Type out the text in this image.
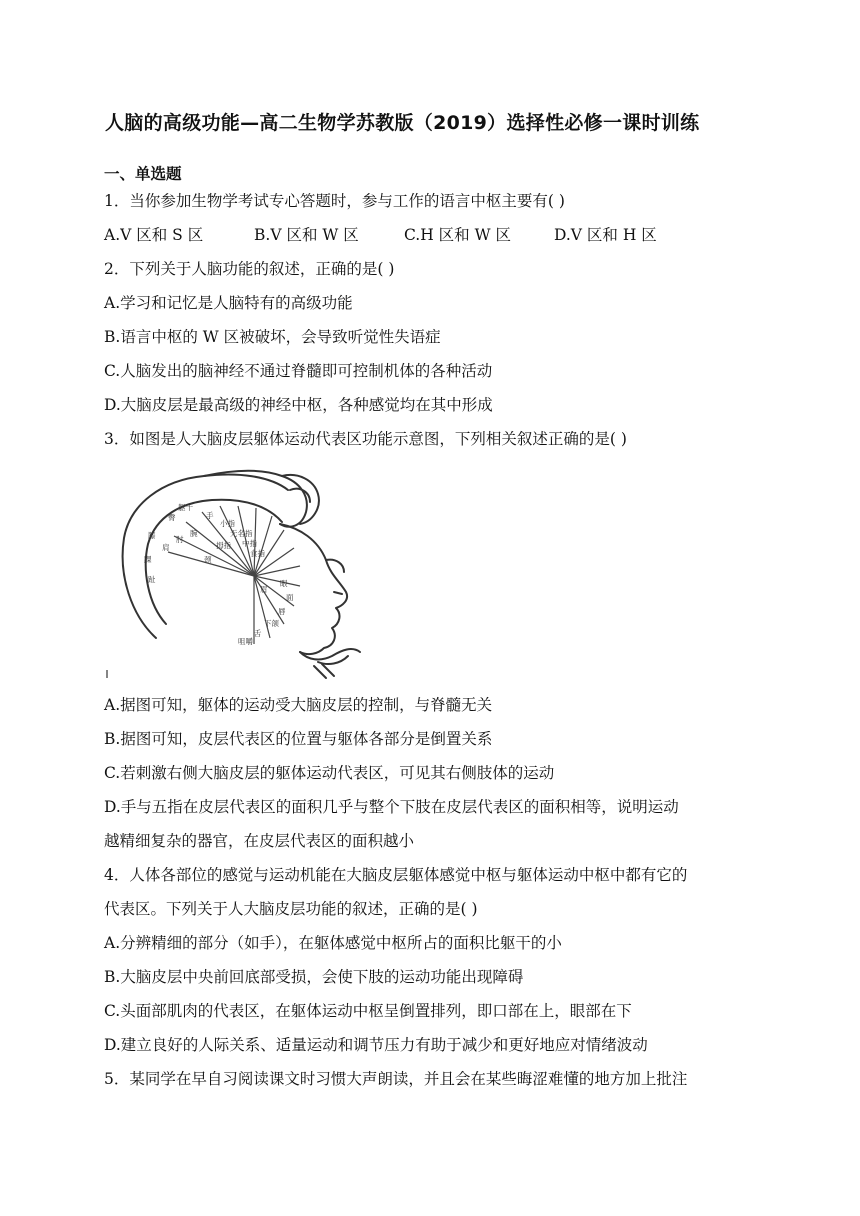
人脑的高级功能—高二生物学苏教版（2019）选择性必修一课时训练
一、单选题
1．当你参加生物学考试专心答题时，参与工作的语言中枢主要有( )
A.V 区和 S 区	B.V 区和 W 区	C.H 区和 W 区	D.V 区和 H 区
2．下列关于人脑功能的叙述，正确的是( )
A.学习和记忆是人脑特有的高级功能
B.语言中枢的 W 区被破坏，会导致听觉性失语症
C.人脑发出的脑神经不通过脊髓即可控制机体的各种活动
D.大脑皮层是最高级的神经中枢，各种感觉均在其中形成
3．如图是人大脑皮层躯体运动代表区功能示意图，下列相关叙述正确的是( )
臀
膝
踝
趾
躯干
肩
肘
腕
手
小指
无名指
中指
食指
拇指
颈
眉
眼
面
唇
下颌
舌
咀嚼
A.据图可知，躯体的运动受大脑皮层的控制，与脊髓无关
B.据图可知，皮层代表区的位置与躯体各部分是倒置关系
C.若刺激右侧大脑皮层的躯体运动代表区，可见其右侧肢体的运动
D.手与五指在皮层代表区的面积几乎与整个下肢在皮层代表区的面积相等，说明运动
越精细复杂的器官，在皮层代表区的面积越小
4．人体各部位的感觉与运动机能在大脑皮层躯体感觉中枢与躯体运动中枢中都有它的
代表区。下列关于人大脑皮层功能的叙述，正确的是( )
A.分辨精细的部分（如手），在躯体感觉中枢所占的面积比躯干的小
B.大脑皮层中央前回底部受损，会使下肢的运动功能出现障碍
C.头面部肌肉的代表区，在躯体运动中枢呈倒置排列，即口部在上，眼部在下
D.建立良好的人际关系、适量运动和调节压力有助于减少和更好地应对情绪波动
5．某同学在早自习阅读课文时习惯大声朗读，并且会在某些晦涩难懂的地方加上批注
